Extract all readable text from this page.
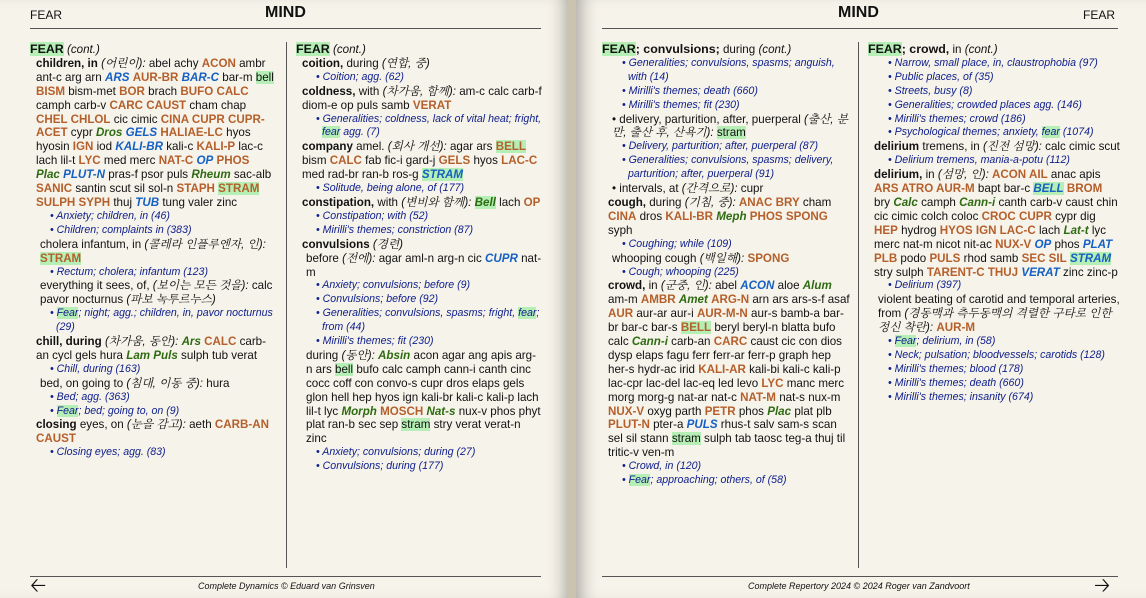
FEAR	MIND
FEAR (cont.)
children, in (어린이): abel achy ACON ambr ant-c arg arn ARS AUR-BR BAR-C bar-m bell BISM bism-met BOR brach BUFO CALC camph carb-v CARC CAUST cham chap CHEL CHLOL cic cimic CINA CUPR CUPR-ACET cypr Dros GELS HALIAE-LC hyos hyosin IGN iod KALI-BR kali-c KALI-P lac-c lach lil-t LYC med merc NAT-C OP PHOS Plac PLUT-N pras-f psor puls Rheum sac-alb SANIC santin scut sil sol-n STAPH STRAM SULPH SYPH thuj TUB tung valer zinc
• Anxiety; children, in (46)
• Children; complaints in (383)
cholera infantum, in (콜레라 인플루엔자, 인): STRAM
• Rectum; cholera; infantum (123)
everything it sees, of, (보이는 모든 것을): calc
pavor nocturnus (파보 녹투르누스)
• Fear; night; agg.; children, in, pavor nocturnus (29)
chill, during (차가움, 동안): Ars CALC carb-an cycl gels hura Lam Puls sulph tub verat
• Chill, during (163)
bed, on going to (침대, 이동 중): hura
• Bed; agg. (363)
• Fear; bed; going to, on (9)
closing eyes, on (눈을 감고): aeth CARB-AN CAUST
• Closing eyes; agg. (83)
FEAR (cont.)
coition, during (연합, 중)
• Coition; agg. (62)
coldness, with (차가움, 함께): am-c calc carb-f diom-e op puls samb VERAT
• Generalities; coldness, lack of vital heat; fright, fear agg. (7)
company amel. (회사 개선): agar ars BELL bism CALC fab fic-i gard-j GELS hyos LAC-C med rad-br ran-b ros-g STRAM
• Solitude, being alone, of (177)
constipation, with (변비와 함께): Bell lach OP
• Constipation; with (52)
• Mirilli's themes; constriction (87)
convulsions (경련)
before (전에): agar aml-n arg-n cic CUPR nat-m
• Anxiety; convulsions; before (9)
• Convulsions; before (92)
• Generalities; convulsions, spasms; fright, fear; from (44)
• Mirilli's themes; fit (230)
during (동안): Absin acon agar ang apis arg-n ars bell bufo calc camph cann-i canth cinc cocc coff con convo-s cupr dros elaps gels glon hell hep hyos ign kali-br kali-c kali-p lach lil-t lyc Morph MOSCH Nat-s nux-v phos phyt plat ran-b sec sep stram stry verat verat-n zinc
• Anxiety; convulsions; during (27)
• Convulsions; during (177)
🡠	Complete Dynamics © Eduard van Grinsven
MIND	FEAR
FEAR; convulsions; during (cont.)
• Generalities; convulsions, spasms; anguish, with (14)
• Mirilli's themes; death (660)
• Mirilli's themes; fit (230)
• delivery, parturition, after, puerperal (출산, 분만, 출산 후, 산욕기): stram
• Delivery, parturition; after, puerperal (87)
• Generalities; convulsions, spasms; delivery, parturition; after, puerperal (91)
• intervals, at (간격으로): cupr
cough, during (기침, 중): ANAC BRY cham CINA dros KALI-BR Meph PHOS SPONG syph
• Coughing; while (109)
whooping cough (백일해): SPONG
• Cough; whooping (225)
crowd, in (군중, 인): abel ACON aloe Alum am-m AMBR Amet ARG-N arn ars ars-s-f asaf AUR aur-ar aur-i AUR-M-N aur-s bamb-a bar-br bar-c bar-s BELL beryl beryl-n blatta bufo calc Cann-i carb-an CARC caust cic con dios dysp elaps fagu ferr ferr-ar ferr-p graph hep her-s hydr-ac irid KALI-AR kali-bi kali-c kali-p lac-cpr lac-del lac-eq led levo LYC manc merc morg morg-g nat-ar nat-c NAT-M nat-s nux-m NUX-V oxyg parth PETR phos Plac plat plb PLUT-N pter-a PULS rhus-t salv sam-s scan sel sil stann stram sulph tab taosc teg-a thuj til tritic-v ven-m
• Crowd, in (120)
• Fear; approaching; others, of (58)
FEAR; crowd, in (cont.)
• Narrow, small place, in, claustrophobia (97)
• Public places, of (35)
• Streets, busy (8)
• Generalities; crowded places agg. (146)
• Mirilli's themes; crowd (186)
• Psychological themes; anxiety, fear (1074)
delirium tremens, in (진전 섬망): calc cimic scut
• Delirium tremens, mania-a-potu (112)
delirium, in (섬망, 인): ACON AIL anac apis ARS ATRO AUR-M bapt bar-c BELL BROM bry Calc camph Cann-i canth carb-v caust chin cic cimic colch coloc CROC CUPR cypr dig HEP hydrog HYOS IGN LAC-C lach Lat-t lyc merc nat-m nicot nit-ac NUX-V OP phos PLAT PLB podo PULS rhod samb SEC SIL STRAM stry sulph TARENT-C THUJ VERAT zinc zinc-p
• Delirium (397)
violent beating of carotid and temporal arteries, from (경동맥과 측두동맥의 격렬한 구타로 인한 정신 착란): AUR-M
• Fear; delirium, in (58)
• Neck; pulsation; bloodvessels; carotids (128)
• Mirilli's themes; blood (178)
• Mirilli's themes; death (660)
• Mirilli's themes; insanity (674)
Complete Repertory 2024 © 2024 Roger van Zandvoort	🡢
